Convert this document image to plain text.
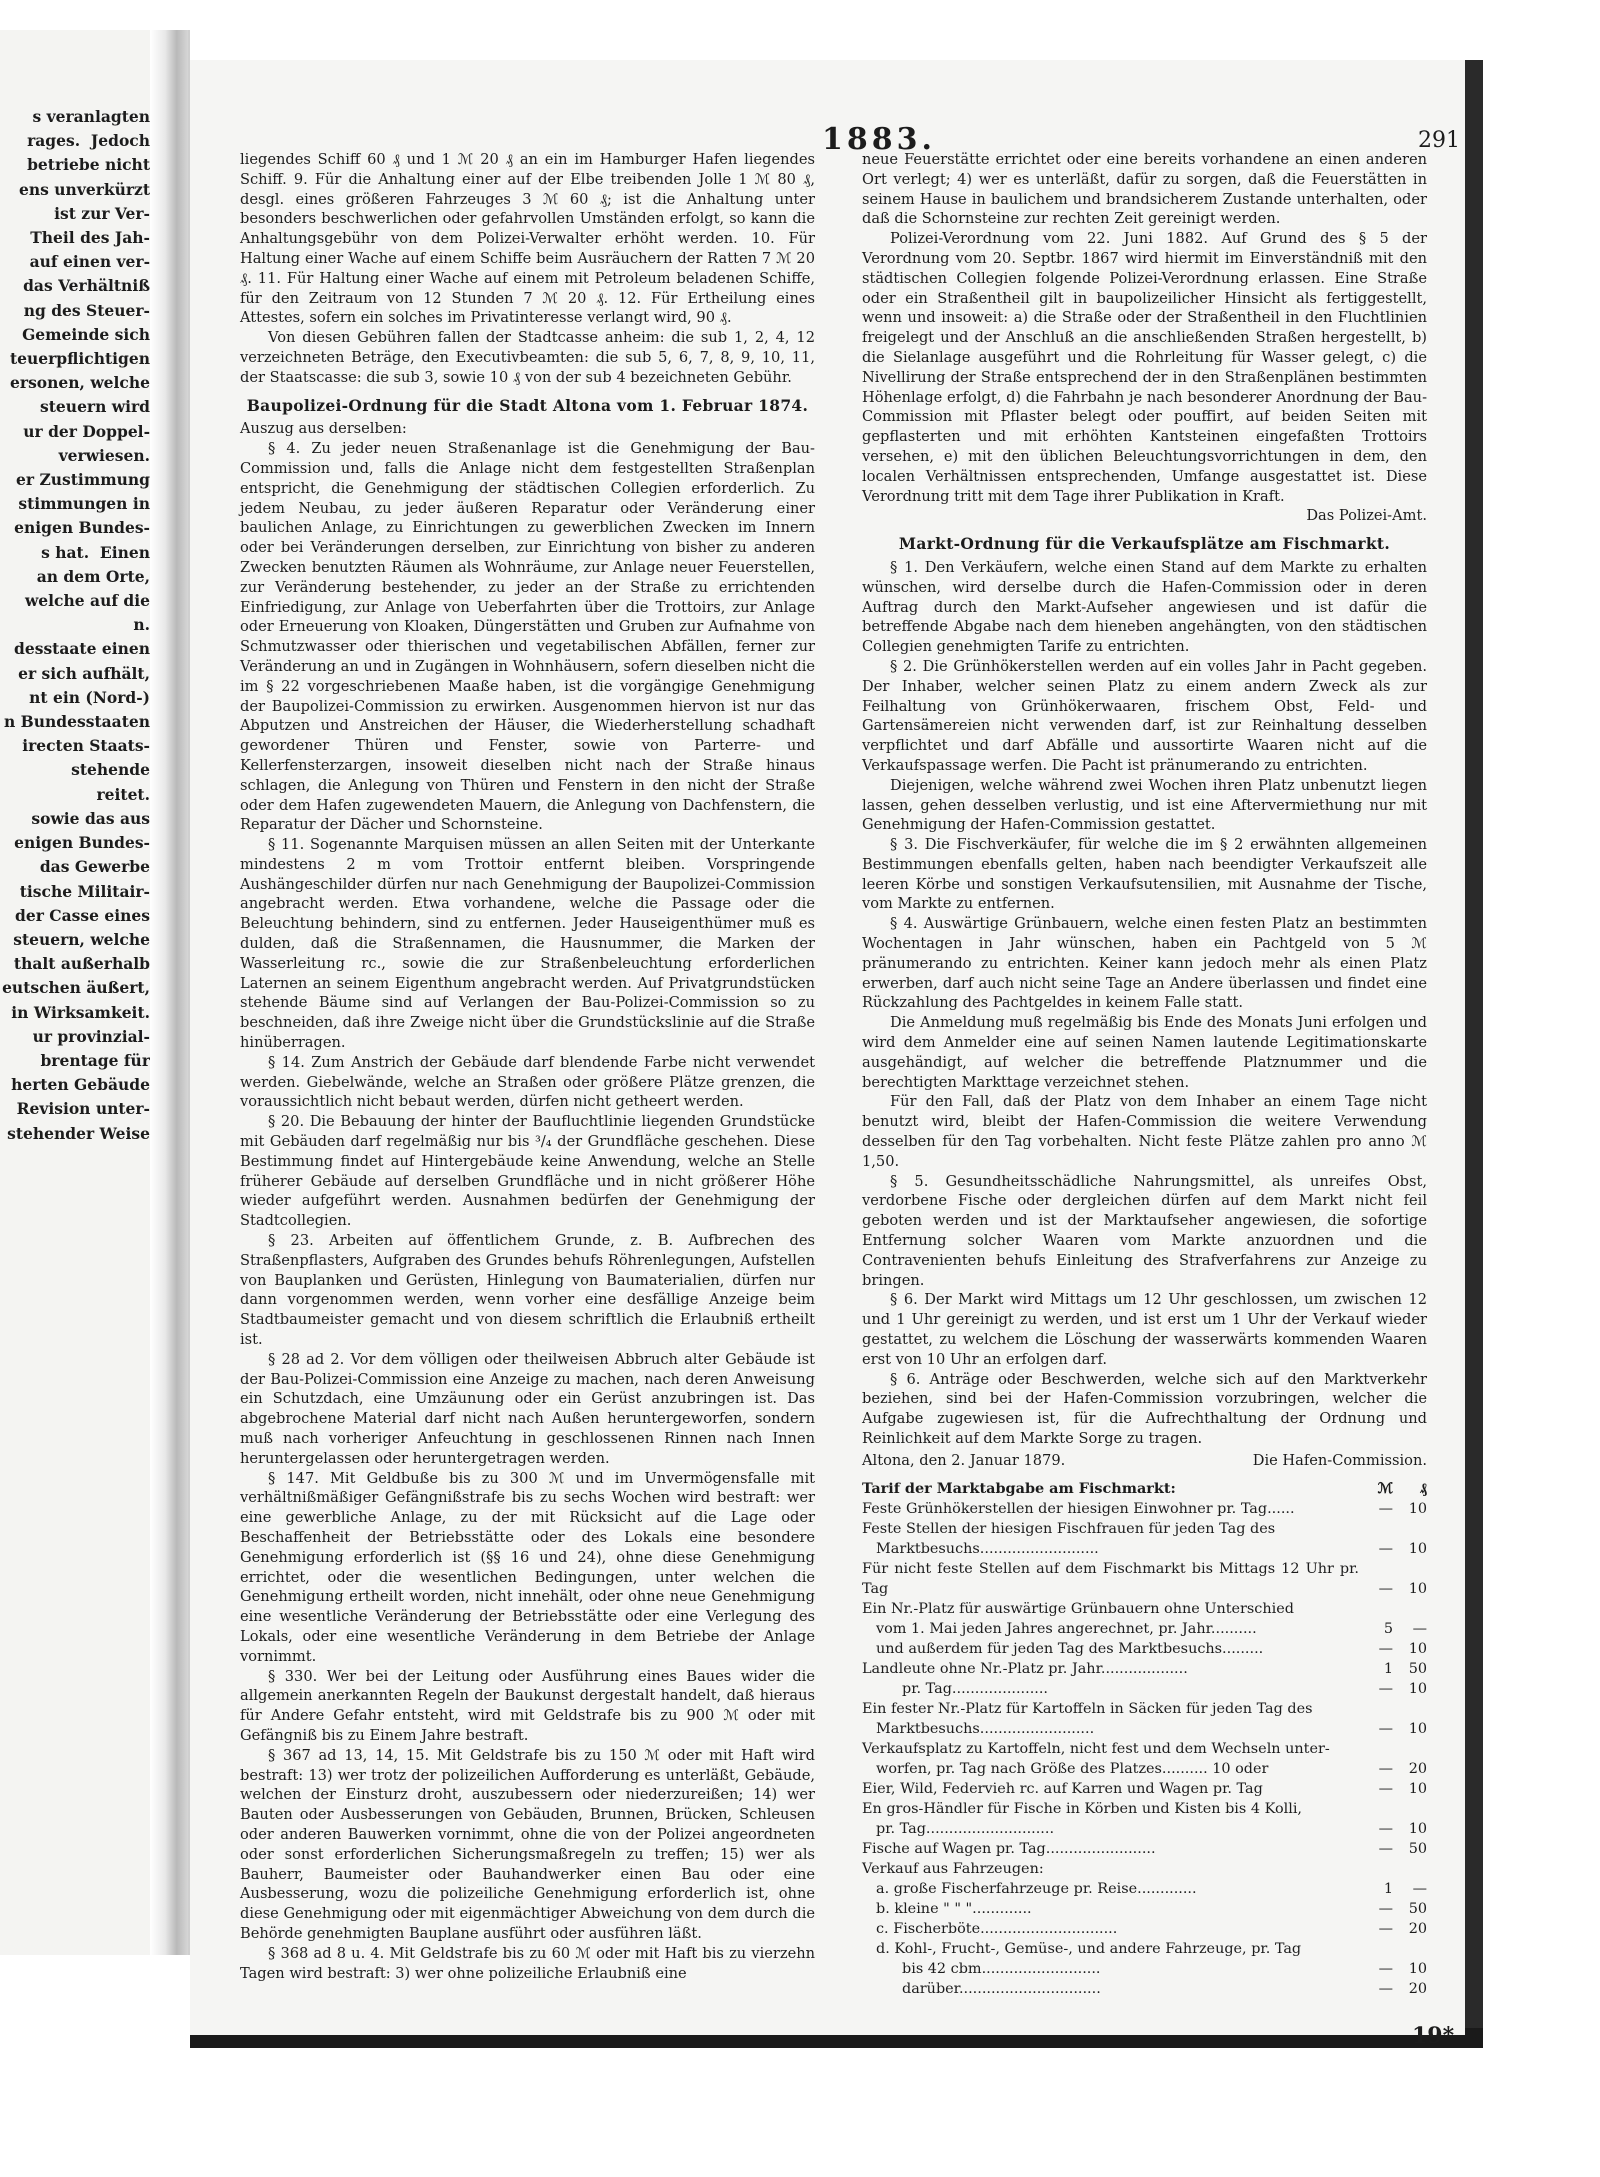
s veranlagten
rages.  Jedoch
betriebe nicht
ens unverkürzt
ist zur Ver-
Theil des Jah-
auf einen ver-
das Verhältniß
ng des Steuer-
Gemeinde sich
teuerpflichtigen
ersonen, welche
steuern wird
ur der Doppel-
verwiesen.
er Zustimmung
stimmungen in
enigen Bundes-
s hat.  Einen
an dem Orte,
welche auf die
n.
desstaate einen
er sich aufhält,
nt ein (Nord-)
n Bundesstaaten
irecten Staats-
stehende
reitet.
sowie das aus
enigen Bundes-
das Gewerbe
tische Militair-
der Casse eines
steuern, welche
thalt außerhalb
eutschen äußert,
in Wirksamkeit.
ur provinzial-
brentage für
herten Gebäude
Revision unter-
stehender Weise
1883.	291

liegendes Schiff 60 ₰ und 1 ℳ 20 ₰ an ein im Hamburger Hafen liegendes Schiff. 9. Für die Anhaltung einer auf der Elbe treibenden Jolle 1 ℳ 80 ₰, desgl. eines größeren Fahrzeuges 3 ℳ 60 ₰; ist die Anhaltung unter besonders beschwerlichen oder gefahrvollen Umständen erfolgt, so kann die Anhaltungsgebühr von dem Polizei-Verwalter erhöht werden. 10. Für Haltung einer Wache auf einem Schiffe beim Ausräuchern der Ratten 7 ℳ 20 ₰. 11. Für Haltung einer Wache auf einem mit Petroleum beladenen Schiffe, für den Zeitraum von 12 Stunden 7 ℳ 20 ₰. 12. Für Ertheilung eines Attestes, sofern ein solches im Privatinteresse verlangt wird, 90 ₰.

Von diesen Gebühren fallen der Stadtcasse anheim: die sub 1, 2, 4, 12 verzeichneten Beträge, den Executivbeamten: die sub 5, 6, 7, 8, 9, 10, 11, der Staatscasse: die sub 3, sowie 10 ₰ von der sub 4 bezeichneten Gebühr.

Baupolizei-Ordnung für die Stadt Altona vom 1. Februar 1874.

Auszug aus derselben:

§ 4. Zu jeder neuen Straßenanlage ist die Genehmigung der Bau-Commission und, falls die Anlage nicht dem festgestellten Straßenplan entspricht, die Genehmigung der städtischen Collegien erforderlich. Zu jedem Neubau, zu jeder äußeren Reparatur oder Veränderung einer baulichen Anlage, zu Einrichtungen zu gewerblichen Zwecken im Innern oder bei Veränderungen derselben, zur Einrichtung von bisher zu anderen Zwecken benutzten Räumen als Wohnräume, zur Anlage neuer Feuerstellen, zur Veränderung bestehender, zu jeder an der Straße zu errichtenden Einfriedigung, zur Anlage von Ueberfahrten über die Trottoirs, zur Anlage oder Erneuerung von Kloaken, Düngerstätten und Gruben zur Aufnahme von Schmutzwasser oder thierischen und vegetabilischen Abfällen, ferner zur Veränderung an und in Zugängen in Wohnhäusern, sofern dieselben nicht die im § 22 vorgeschriebenen Maaße haben, ist die vorgängige Genehmigung der Baupolizei-Commission zu erwirken. Ausgenommen hiervon ist nur das Abputzen und Anstreichen der Häuser, die Wiederherstellung schadhaft gewordener Thüren und Fenster, sowie von Parterre- und Kellerfensterzargen, insoweit dieselben nicht nach der Straße hinaus schlagen, die Anlegung von Thüren und Fenstern in den nicht der Straße oder dem Hafen zugewendeten Mauern, die Anlegung von Dachfenstern, die Reparatur der Dächer und Schornsteine.

§ 11. Sogenannte Marquisen müssen an allen Seiten mit der Unterkante mindestens 2 m vom Trottoir entfernt bleiben. Vorspringende Aushängeschilder dürfen nur nach Genehmigung der Baupolizei-Commission angebracht werden. Etwa vorhandene, welche die Passage oder die Beleuchtung behindern, sind zu entfernen. Jeder Hauseigenthümer muß es dulden, daß die Straßennamen, die Hausnummer, die Marken der Wasserleitung rc., sowie die zur Straßenbeleuchtung erforderlichen Laternen an seinem Eigenthum angebracht werden. Auf Privatgrundstücken stehende Bäume sind auf Verlangen der Bau-Polizei-Commission so zu beschneiden, daß ihre Zweige nicht über die Grundstückslinie auf die Straße hinüberragen.

§ 14. Zum Anstrich der Gebäude darf blendende Farbe nicht verwendet werden. Giebelwände, welche an Straßen oder größere Plätze grenzen, die voraussichtlich nicht bebaut werden, dürfen nicht getheert werden.

§ 20. Die Bebauung der hinter der Baufluchtlinie liegenden Grundstücke mit Gebäuden darf regelmäßig nur bis ³/₄ der Grundfläche geschehen. Diese Bestimmung findet auf Hintergebäude keine Anwendung, welche an Stelle früherer Gebäude auf derselben Grundfläche und in nicht größerer Höhe wieder aufgeführt werden. Ausnahmen bedürfen der Genehmigung der Stadtcollegien.

§ 23. Arbeiten auf öffentlichem Grunde, z. B. Aufbrechen des Straßenpflasters, Aufgraben des Grundes behufs Röhrenlegungen, Aufstellen von Bauplanken und Gerüsten, Hinlegung von Baumaterialien, dürfen nur dann vorgenommen werden, wenn vorher eine desfällige Anzeige beim Stadtbaumeister gemacht und von diesem schriftlich die Erlaubniß ertheilt ist.

§ 28 ad 2. Vor dem völligen oder theilweisen Abbruch alter Gebäude ist der Bau-Polizei-Commission eine Anzeige zu machen, nach deren Anweisung ein Schutzdach, eine Umzäunung oder ein Gerüst anzubringen ist. Das abgebrochene Material darf nicht nach Außen heruntergeworfen, sondern muß nach vorheriger Anfeuchtung in geschlossenen Rinnen nach Innen heruntergelassen oder heruntergetragen werden.

§ 147. Mit Geldbuße bis zu 300 ℳ und im Unvermögensfalle mit verhältnißmäßiger Gefängnißstrafe bis zu sechs Wochen wird bestraft: wer eine gewerbliche Anlage, zu der mit Rücksicht auf die Lage oder Beschaffenheit der Betriebsstätte oder des Lokals eine besondere Genehmigung erforderlich ist (§§ 16 und 24), ohne diese Genehmigung errichtet, oder die wesentlichen Bedingungen, unter welchen die Genehmigung ertheilt worden, nicht innehält, oder ohne neue Genehmigung eine wesentliche Veränderung der Betriebsstätte oder eine Verlegung des Lokals, oder eine wesentliche Veränderung in dem Betriebe der Anlage vornimmt.

§ 330. Wer bei der Leitung oder Ausführung eines Baues wider die allgemein anerkannten Regeln der Baukunst dergestalt handelt, daß hieraus für Andere Gefahr entsteht, wird mit Geldstrafe bis zu 900 ℳ oder mit Gefängniß bis zu Einem Jahre bestraft.

§ 367 ad 13, 14, 15. Mit Geldstrafe bis zu 150 ℳ oder mit Haft wird bestraft: 13) wer trotz der polizeilichen Aufforderung es unterläßt, Gebäude, welchen der Einsturz droht, auszubessern oder niederzureißen; 14) wer Bauten oder Ausbesserungen von Gebäuden, Brunnen, Brücken, Schleusen oder anderen Bauwerken vornimmt, ohne die von der Polizei angeordneten oder sonst erforderlichen Sicherungsmaßregeln zu treffen; 15) wer als Bauherr, Baumeister oder Bauhandwerker einen Bau oder eine Ausbesserung, wozu die polizeiliche Genehmigung erforderlich ist, ohne diese Genehmigung oder mit eigenmächtiger Abweichung von dem durch die Behörde genehmigten Bauplane ausführt oder ausführen läßt.

§ 368 ad 8 u. 4. Mit Geldstrafe bis zu 60 ℳ oder mit Haft bis zu vierzehn Tagen wird bestraft: 3) wer ohne polizeiliche Erlaubniß eine

neue Feuerstätte errichtet oder eine bereits vorhandene an einen anderen Ort verlegt; 4) wer es unterläßt, dafür zu sorgen, daß die Feuerstätten in seinem Hause in baulichem und brandsicherem Zustande unterhalten, oder daß die Schornsteine zur rechten Zeit gereinigt werden.

Polizei-Verordnung vom 22. Juni 1882. Auf Grund des § 5 der Verordnung vom 20. Septbr. 1867 wird hiermit im Einverständniß mit den städtischen Collegien folgende Polizei-Verordnung erlassen. Eine Straße oder ein Straßentheil gilt in baupolizeilicher Hinsicht als fertiggestellt, wenn und insoweit: a) die Straße oder der Straßentheil in den Fluchtlinien freigelegt und der Anschluß an die anschließenden Straßen hergestellt, b) die Sielanlage ausgeführt und die Rohrleitung für Wasser gelegt, c) die Nivellirung der Straße entsprechend der in den Straßenplänen bestimmten Höhenlage erfolgt, d) die Fahrbahn je nach besonderer Anordnung der Bau-Commission mit Pflaster belegt oder pouffirt, auf beiden Seiten mit gepflasterten und mit erhöhten Kantsteinen eingefaßten Trottoirs versehen, e) mit den üblichen Beleuchtungsvorrichtungen in dem, den localen Verhältnissen entsprechenden, Umfange ausgestattet ist. Diese Verordnung tritt mit dem Tage ihrer Publikation in Kraft.

Das Polizei-Amt.
Markt-Ordnung für die Verkaufsplätze am Fischmarkt.

§ 1. Den Verkäufern, welche einen Stand auf dem Markte zu erhalten wünschen, wird derselbe durch die Hafen-Commission oder in deren Auftrag durch den Markt-Aufseher angewiesen und ist dafür die betreffende Abgabe nach dem hieneben angehängten, von den städtischen Collegien genehmigten Tarife zu entrichten.

§ 2. Die Grünhökerstellen werden auf ein volles Jahr in Pacht gegeben. Der Inhaber, welcher seinen Platz zu einem andern Zweck als zur Feilhaltung von Grünhökerwaaren, frischem Obst, Feld- und Gartensämereien nicht verwenden darf, ist zur Reinhaltung desselben verpflichtet und darf Abfälle und aussortirte Waaren nicht auf die Verkaufspassage werfen. Die Pacht ist pränumerando zu entrichten.

Diejenigen, welche während zwei Wochen ihren Platz unbenutzt liegen lassen, gehen desselben verlustig, und ist eine Aftervermiethung nur mit Genehmigung der Hafen-Commission gestattet.

§ 3. Die Fischverkäufer, für welche die im § 2 erwähnten allgemeinen Bestimmungen ebenfalls gelten, haben nach beendigter Verkaufszeit alle leeren Körbe und sonstigen Verkaufsutensilien, mit Ausnahme der Tische, vom Markte zu entfernen.

§ 4. Auswärtige Grünbauern, welche einen festen Platz an bestimmten Wochentagen in Jahr wünschen, haben ein Pachtgeld von 5 ℳ pränumerando zu entrichten. Keiner kann jedoch mehr als einen Platz erwerben, darf auch nicht seine Tage an Andere überlassen und findet eine Rückzahlung des Pachtgeldes in keinem Falle statt.

Die Anmeldung muß regelmäßig bis Ende des Monats Juni erfolgen und wird dem Anmelder eine auf seinen Namen lautende Legitimationskarte ausgehändigt, auf welcher die betreffende Platznummer und die berechtigten Markttage verzeichnet stehen.

Für den Fall, daß der Platz von dem Inhaber an einem Tage nicht benutzt wird, bleibt der Hafen-Commission die weitere Verwendung desselben für den Tag vorbehalten. Nicht feste Plätze zahlen pro anno ℳ 1,50.

§ 5. Gesundheitsschädliche Nahrungsmittel, als unreifes Obst, verdorbene Fische oder dergleichen dürfen auf dem Markt nicht feil geboten werden und ist der Marktaufseher angewiesen, die sofortige Entfernung solcher Waaren vom Markte anzuordnen und die Contravenienten behufs Einleitung des Strafverfahrens zur Anzeige zu bringen.

§ 6. Der Markt wird Mittags um 12 Uhr geschlossen, um zwischen 12 und 1 Uhr gereinigt zu werden, und ist erst um 1 Uhr der Verkauf wieder gestattet, zu welchem die Löschung der wasserwärts kommenden Waaren erst von 10 Uhr an erfolgen darf.

§ 6. Anträge oder Beschwerden, welche sich auf den Marktverkehr beziehen, sind bei der Hafen-Commission vorzubringen, welcher die Aufgabe zugewiesen ist, für die Aufrechthaltung der Ordnung und Reinlichkeit auf dem Markte Sorge zu tragen.

Altona, den 2. Januar 1879.	Die Hafen-Commission.
Tarif der Marktabgabe am Fischmarkt:	ℳ	₰
Feste Grünhökerstellen der hiesigen Einwohner pr. Tag......	—	10
Feste Stellen der hiesigen Fischfrauen für jeden Tag des		
Marktbesuchs..........................	—	10
Für nicht feste Stellen auf dem Fischmarkt bis Mittags 12 Uhr pr. Tag	—	10
Ein Nr.-Platz für auswärtige Grünbauern ohne Unterschied		
vom 1. Mai jeden Jahres angerechnet, pr. Jahr..........	5	—
und außerdem für jeden Tag des Marktbesuchs.........	—	10
Landleute ohne Nr.-Platz pr. Jahr...................	1	50
pr. Tag.....................	—	10
Ein fester Nr.-Platz für Kartoffeln in Säcken für jeden Tag des		
Marktbesuchs.........................	—	10
Verkaufsplatz zu Kartoffeln, nicht fest und dem Wechseln unter-		
worfen, pr. Tag nach Größe des Platzes.......... 10 oder	—	20
Eier, Wild, Federvieh rc. auf Karren und Wagen pr. Tag	—	10
En gros-Händler für Fische in Körben und Kisten bis 4 Kolli,		
pr. Tag............................	—	10
Fische auf Wagen pr. Tag........................	—	50
Verkauf aus Fahrzeugen:		
a. große Fischerfahrzeuge pr. Reise.............	1	—
b. kleine " " ".............	—	50
c. Fischerböte..............................	—	20
d. Kohl-, Frucht-, Gemüse-, und andere Fahrzeuge, pr. Tag		
bis 42 cbm..........................	—	10
darüber...............................	—	20
19*
